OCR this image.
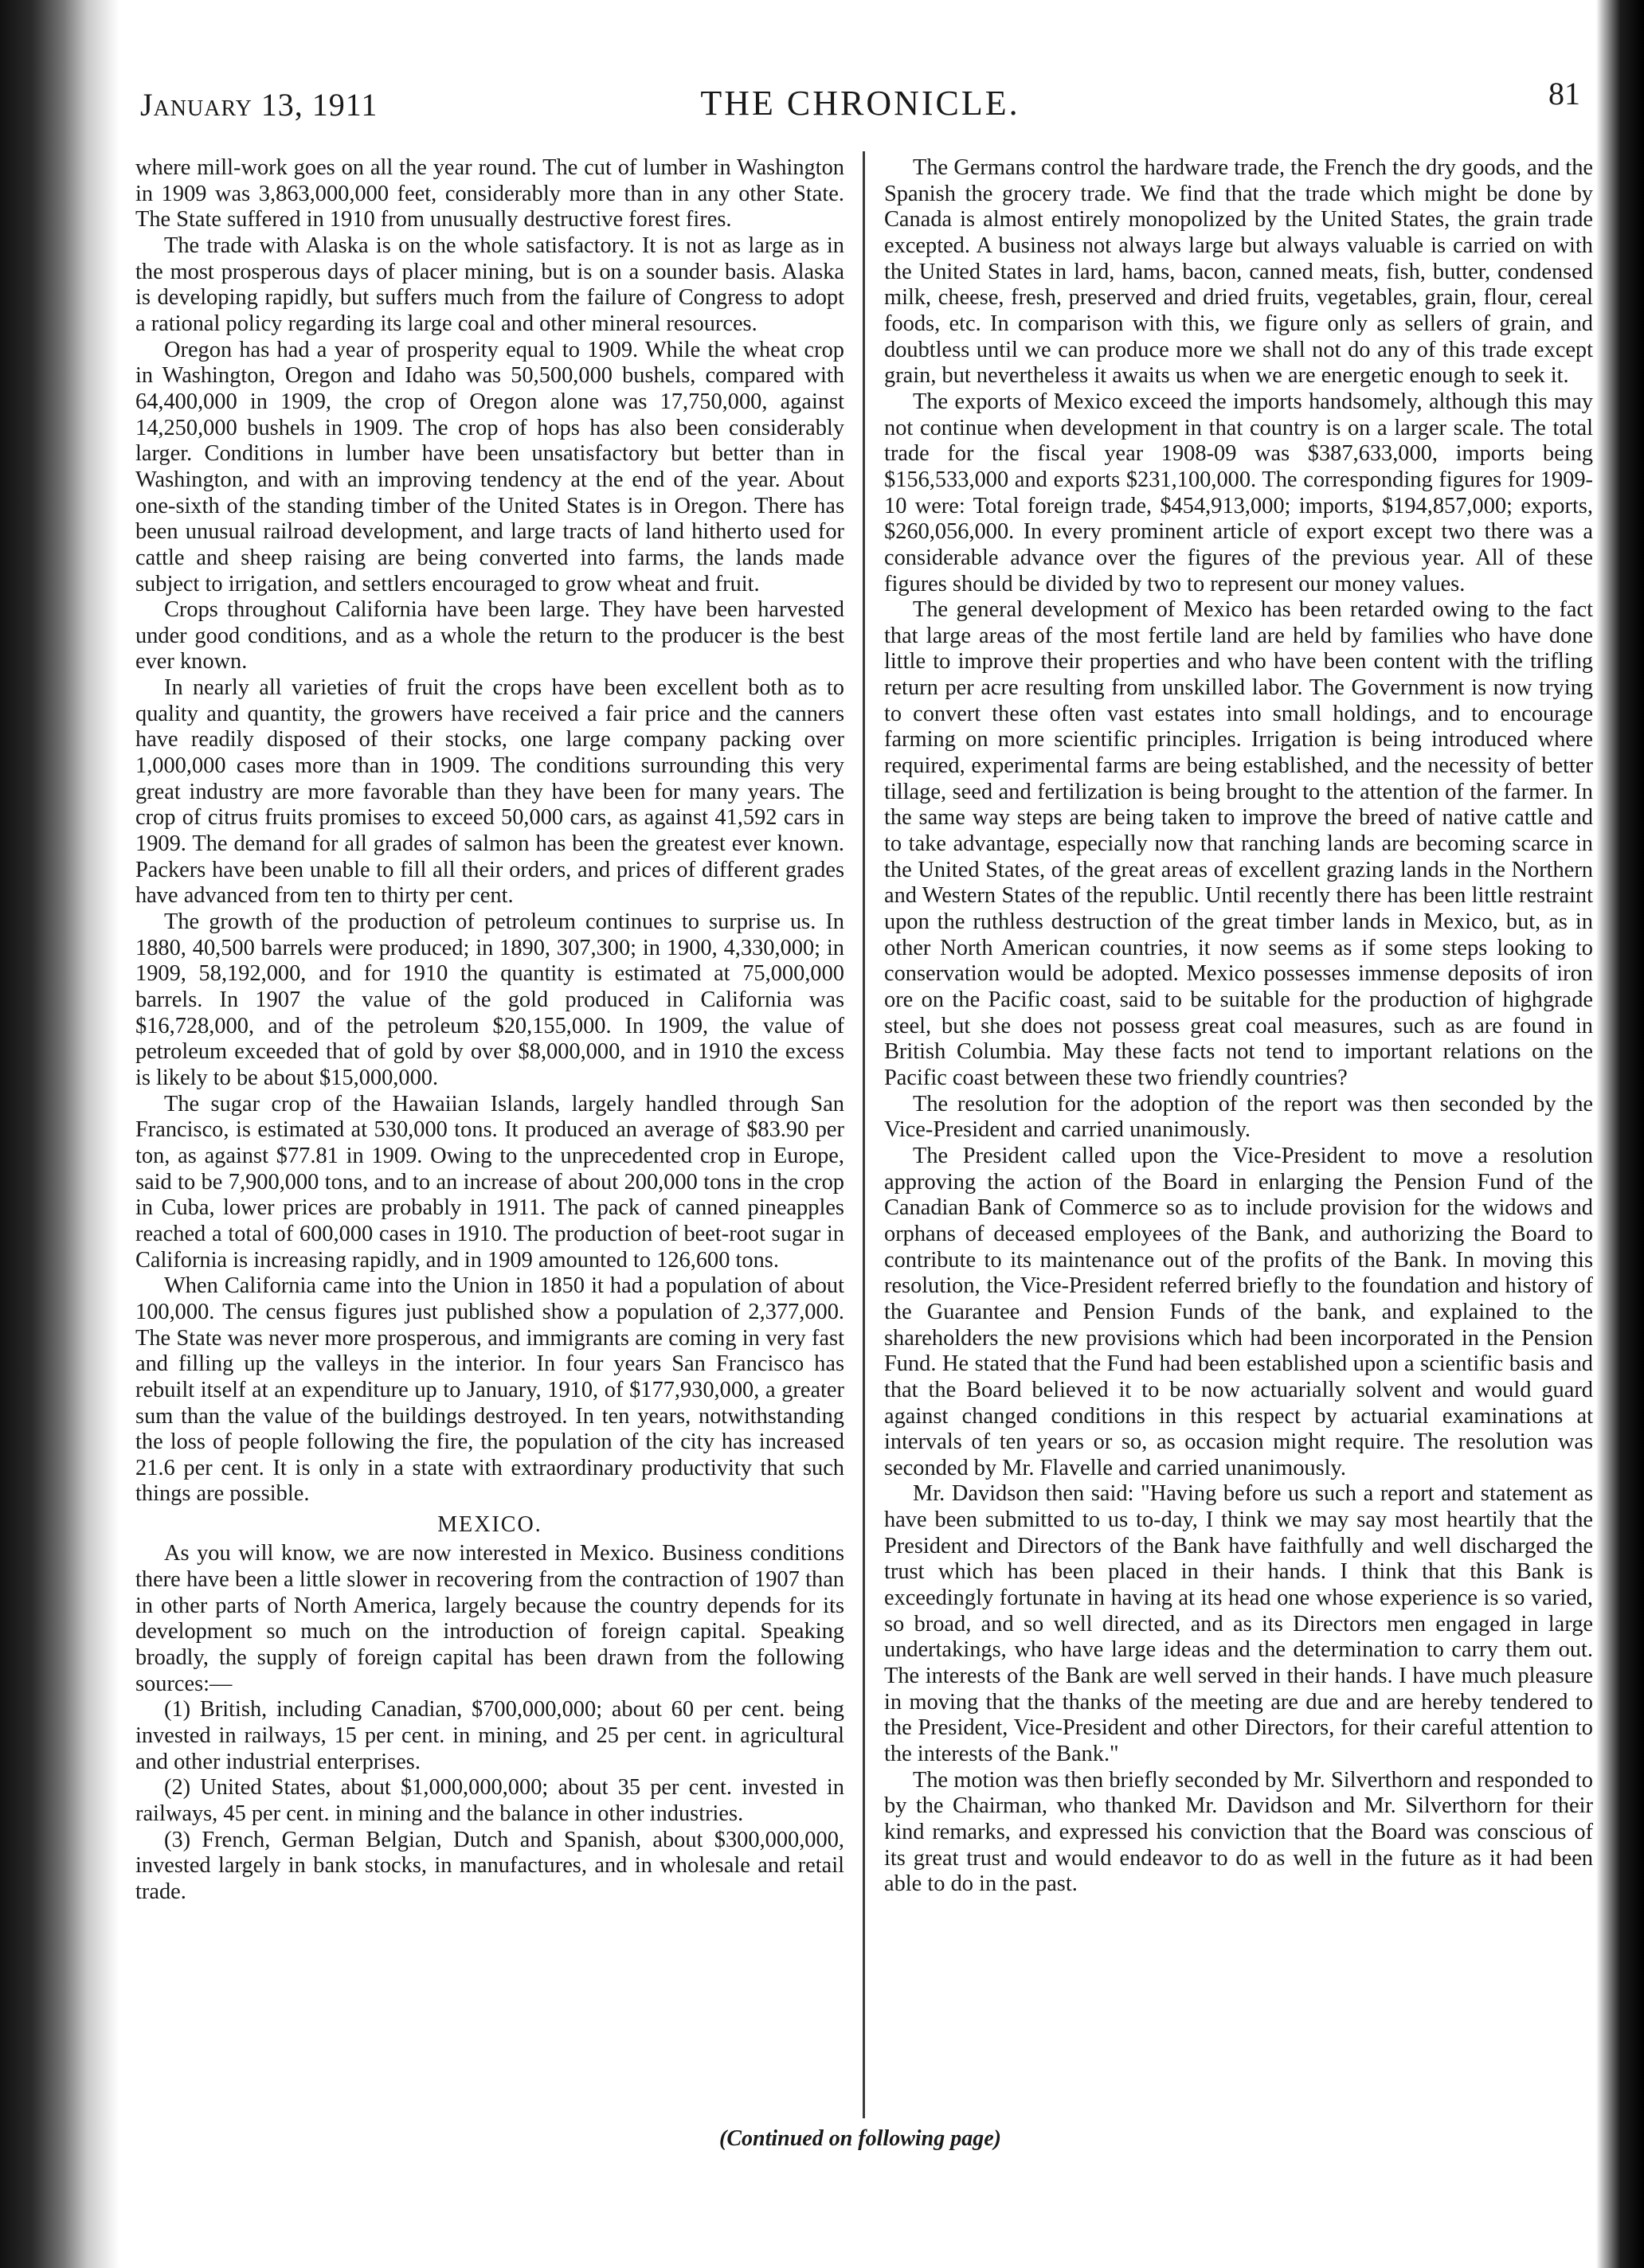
January 13, 1911	THE CHRONICLE.	81

where mill-work goes on all the year round. The cut of lumber in Washington in 1909 was 3,863,000,000 feet, considerably more than in any other State. The State suffered in 1910 from unusually destructive forest fires.

The trade with Alaska is on the whole satisfactory. It is not as large as in the most prosperous days of placer mining, but is on a sounder basis. Alaska is developing rapidly, but suffers much from the failure of Congress to adopt a rational policy regarding its large coal and other mineral resources.

Oregon has had a year of prosperity equal to 1909. While the wheat crop in Washington, Oregon and Idaho was 50,500,000 bushels, compared with 64,400,000 in 1909, the crop of Oregon alone was 17,750,000, against 14,250,000 bushels in 1909. The crop of hops has also been considerably larger. Conditions in lumber have been unsatisfactory but better than in Washington, and with an improving tendency at the end of the year. About one-sixth of the standing timber of the United States is in Oregon. There has been unusual railroad development, and large tracts of land hitherto used for cattle and sheep raising are being converted into farms, the lands made subject to irrigation, and settlers encouraged to grow wheat and fruit.

Crops throughout California have been large. They have been harvested under good conditions, and as a whole the return to the producer is the best ever known.

In nearly all varieties of fruit the crops have been excellent both as to quality and quantity, the growers have received a fair price and the canners have readily disposed of their stocks, one large company packing over 1,000,000 cases more than in 1909. The conditions surrounding this very great industry are more favorable than they have been for many years. The crop of citrus fruits promises to exceed 50,000 cars, as against 41,592 cars in 1909. The demand for all grades of salmon has been the greatest ever known. Packers have been unable to fill all their orders, and prices of different grades have advanced from ten to thirty per cent.

The growth of the production of petroleum continues to surprise us. In 1880, 40,500 barrels were produced; in 1890, 307,300; in 1900, 4,330,000; in 1909, 58,192,000, and for 1910 the quantity is estimated at 75,000,000 barrels. In 1907 the value of the gold produced in California was $16,728,000, and of the petroleum $20,155,000. In 1909, the value of petroleum exceeded that of gold by over $8,000,000, and in 1910 the excess is likely to be about $15,000,000.

The sugar crop of the Hawaiian Islands, largely handled through San Francisco, is estimated at 530,000 tons. It produced an average of $83.90 per ton, as against $77.81 in 1909. Owing to the unprecedented crop in Europe, said to be 7,900,000 tons, and to an increase of about 200,000 tons in the crop in Cuba, lower prices are probably in 1911. The pack of canned pineapples reached a total of 600,000 cases in 1910. The production of beet-root sugar in California is increasing rapidly, and in 1909 amounted to 126,600 tons.

When California came into the Union in 1850 it had a population of about 100,000. The census figures just published show a population of 2,377,000. The State was never more prosperous, and immigrants are coming in very fast and filling up the valleys in the interior. In four years San Francisco has rebuilt itself at an expenditure up to January, 1910, of $177,930,000, a greater sum than the value of the buildings destroyed. In ten years, notwithstanding the loss of people following the fire, the population of the city has increased 21.6 per cent. It is only in a state with extraordinary productivity that such things are possible.

MEXICO.

As you will know, we are now interested in Mexico. Business conditions there have been a little slower in recovering from the contraction of 1907 than in other parts of North America, largely because the country depends for its development so much on the introduction of foreign capital. Speaking broadly, the supply of foreign capital has been drawn from the following sources:—

(1) British, including Canadian, $700,000,000; about 60 per cent. being invested in railways, 15 per cent. in mining, and 25 per cent. in agricultural and other industrial enterprises.

(2) United States, about $1,000,000,000; about 35 per cent. invested in railways, 45 per cent. in mining and the balance in other industries.

(3) French, German Belgian, Dutch and Spanish, about $300,000,000, invested largely in bank stocks, in manufactures, and in wholesale and retail trade.

The Germans control the hardware trade, the French the dry goods, and the Spanish the grocery trade. We find that the trade which might be done by Canada is almost entirely monopolized by the United States, the grain trade excepted. A business not always large but always valuable is carried on with the United States in lard, hams, bacon, canned meats, fish, butter, condensed milk, cheese, fresh, preserved and dried fruits, vegetables, grain, flour, cereal foods, etc. In comparison with this, we figure only as sellers of grain, and doubtless until we can produce more we shall not do any of this trade except grain, but nevertheless it awaits us when we are energetic enough to seek it.

The exports of Mexico exceed the imports handsomely, although this may not continue when development in that country is on a larger scale. The total trade for the fiscal year 1908-09 was $387,633,000, imports being $156,533,000 and exports $231,100,000. The corresponding figures for 1909-10 were: Total foreign trade, $454,913,000; imports, $194,857,000; exports, $260,056,000. In every prominent article of export except two there was a considerable advance over the figures of the previous year. All of these figures should be divided by two to represent our money values.

The general development of Mexico has been retarded owing to the fact that large areas of the most fertile land are held by families who have done little to improve their properties and who have been content with the trifling return per acre resulting from unskilled labor. The Government is now trying to convert these often vast estates into small holdings, and to encourage farming on more scientific principles. Irrigation is being introduced where required, experimental farms are being established, and the necessity of better tillage, seed and fertilization is being brought to the attention of the farmer. In the same way steps are being taken to improve the breed of native cattle and to take advantage, especially now that ranching lands are becoming scarce in the United States, of the great areas of excellent grazing lands in the Northern and Western States of the republic. Until recently there has been little restraint upon the ruthless destruction of the great timber lands in Mexico, but, as in other North American countries, it now seems as if some steps looking to conservation would be adopted. Mexico possesses immense deposits of iron ore on the Pacific coast, said to be suitable for the production of highgrade steel, but she does not possess great coal measures, such as are found in British Columbia. May these facts not tend to important relations on the Pacific coast between these two friendly countries?

The resolution for the adoption of the report was then seconded by the Vice-President and carried unanimously.

The President called upon the Vice-President to move a resolution approving the action of the Board in enlarging the Pension Fund of the Canadian Bank of Commerce so as to include provision for the widows and orphans of deceased employees of the Bank, and authorizing the Board to contribute to its maintenance out of the profits of the Bank. In moving this resolution, the Vice-President referred briefly to the foundation and history of the Guarantee and Pension Funds of the bank, and explained to the shareholders the new provisions which had been incorporated in the Pension Fund. He stated that the Fund had been established upon a scientific basis and that the Board believed it to be now actuarially solvent and would guard against changed conditions in this respect by actuarial examinations at intervals of ten years or so, as occasion might require. The resolution was seconded by Mr. Flavelle and carried unanimously.

Mr. Davidson then said: "Having before us such a report and statement as have been submitted to us to-day, I think we may say most heartily that the President and Directors of the Bank have faithfully and well discharged the trust which has been placed in their hands. I think that this Bank is exceedingly fortunate in having at its head one whose experience is so varied, so broad, and so well directed, and as its Directors men engaged in large undertakings, who have large ideas and the determination to carry them out. The interests of the Bank are well served in their hands. I have much pleasure in moving that the thanks of the meeting are due and are hereby tendered to the President, Vice-President and other Directors, for their careful attention to the interests of the Bank."

The motion was then briefly seconded by Mr. Silverthorn and responded to by the Chairman, who thanked Mr. Davidson and Mr. Silverthorn for their kind remarks, and expressed his conviction that the Board was conscious of its great trust and would endeavor to do as well in the future as it had been able to do in the past.

(Continued on following page)
